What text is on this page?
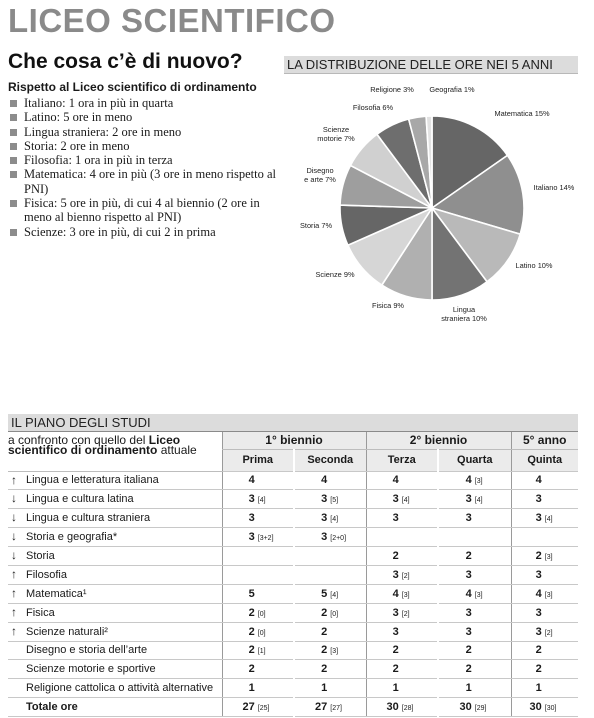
LICEO SCIENTIFICO
Che cosa c’è di nuovo?
Rispetto al Liceo scientifico di ordinamento
Italiano: 1 ora in più in quarta
Latino: 5 ore in meno
Lingua straniera: 2 ore in meno
Storia: 2 ore in meno
Filosofia: 1 ora in più in terza
Matematica: 4 ore in più (3 ore in meno rispetto al PNI)
Fisica: 5 ore in più, di cui 4 al biennio (2 ore in meno al bienno rispetto al PNI)
Scienze: 3 ore in più, di cui 2 in prima
LA DISTRIBUZIONE DELLE ORE NEI 5 ANNI
Matematica 15%
Italiano 14%
Latino 10%
Lingua straniera 10%
Fisica 9%
Scienze 9%
Storia 7%
Disegno e arte 7%
Scienze motorie 7%
Filosofia 6%
Religione 3% Geografia 1%
IL PIANO DEGLI STUDI
a confronto con quello del Liceo scientifico di ordinamento attuale	1° biennio		2° biennio		5° anno
	Prima	Seconda	Terza	Quarta	Quinta

↑ Lingua e letteratura italiana	4	4	4	4 [3]	4

↓ Lingua e cultura latina	3 [4]	3 [5]	3 [4]	3 [4]	3

↓ Lingua e cultura straniera	3	3 [4]	3	3	3 [4]

↓ Storia e geografia*	3 [3+2]	3 [2+0]			

↓ Storia			2	2	2 [3]

↑ Filosofia			3 [2]	3	3

↑ Matematica¹	5	5 [4]	4 [3]	4 [3]	4 [3]

↑ Fisica	2 [0]	2 [0]	3 [2]	3	3

↑ Scienze naturali²	2 [0]	2	3	3	3 [2]

Disegno e storia dell’arte	2 [1]	2 [3]	2	2	2

Scienze motorie e sportive	2	2	2	2	2

Religione cattolica o attività alternative	1	1	1	1	1
Totale ore	27 [25]	27 [27]	30 [28]	30 [29]	30 [30]
